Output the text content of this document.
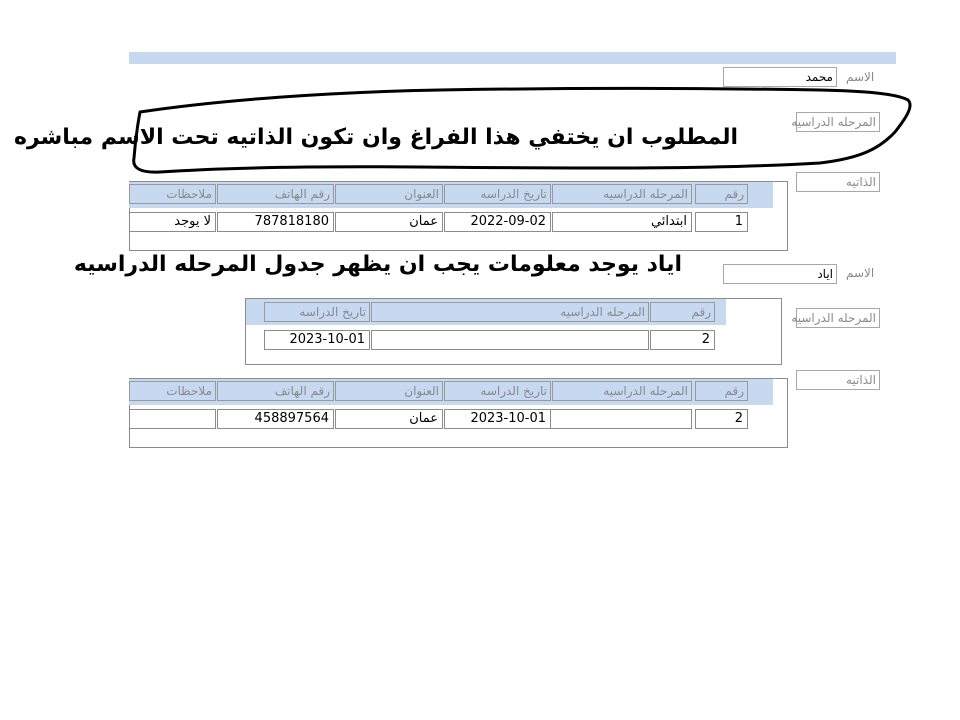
الاسم
محمد
المرحله الدراسيه
الذاتيه
رقم
المرحله الدراسيه
تاريخ الدراسه
العنوان
رقم الهاتف
ملاحظات
1
ابتدائي
2022-09-02
عمان
787818180
لا يوجد
الاسم
اياد
المرحله الدراسيه
رقم
المرحله الدراسيه
تاريخ الدراسه
2
2023-10-01
الذاتيه
رقم
المرحله الدراسيه
تاريخ الدراسه
العنوان
رقم الهاتف
ملاحظات
2
2023-10-01
عمان
458897564
المطلوب ان يختفي هذا الفراغ وان تكون الذاتيه تحت الاسم مباشره
اياد يوجد معلومات يجب ان يظهر جدول المرحله الدراسيه
